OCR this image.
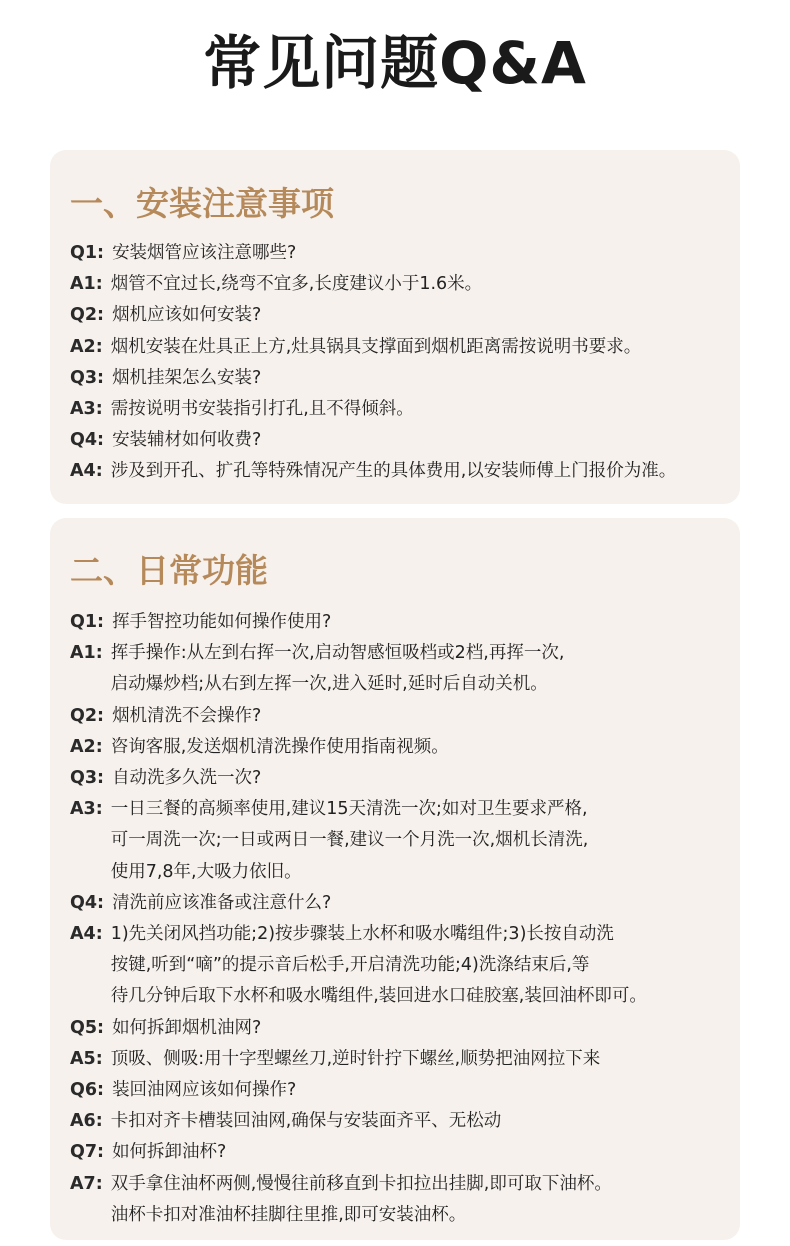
常见问题Q&A
一、安装注意事项
Q1: 安装烟管应该注意哪些?
A1: 烟管不宜过长,绕弯不宜多,长度建议小于1.6米。
Q2: 烟机应该如何安装?
A2: 烟机安装在灶具正上方,灶具锅具支撑面到烟机距离需按说明书要求。
Q3: 烟机挂架怎么安装?
A3: 需按说明书安装指引打孔,且不得倾斜。
Q4: 安装辅材如何收费?
A4: 涉及到开孔、扩孔等特殊情况产生的具体费用,以安装师傅上门报价为准。
二、日常功能
Q1: 挥手智控功能如何操作使用?
A1: 挥手操作:从左到右挥一次,启动智感恒吸档或2档,再挥一次,
启动爆炒档;从右到左挥一次,进入延时,延时后自动关机。
Q2: 烟机清洗不会操作?
A2: 咨询客服,发送烟机清洗操作使用指南视频。
Q3: 自动洗多久洗一次?
A3: 一日三餐的高频率使用,建议15天清洗一次;如对卫生要求严格,
可一周洗一次;一日或两日一餐,建议一个月洗一次,烟机长清洗,
使用7,8年,大吸力依旧。
Q4: 清洗前应该准备或注意什么?
A4: 1)先关闭风挡功能;2)按步骤装上水杯和吸水嘴组件;3)长按自动洗
按键,听到“嘀”的提示音后松手,开启清洗功能;4)洗涤结束后,等
待几分钟后取下水杯和吸水嘴组件,装回进水口硅胶塞,装回油杯即可。
Q5: 如何拆卸烟机油网?
A5: 顶吸、侧吸:用十字型螺丝刀,逆时针拧下螺丝,顺势把油网拉下来
Q6: 装回油网应该如何操作?
A6: 卡扣对齐卡槽装回油网,确保与安装面齐平、无松动
Q7: 如何拆卸油杯?
A7: 双手拿住油杯两侧,慢慢往前移直到卡扣拉出挂脚,即可取下油杯。
油杯卡扣对准油杯挂脚往里推,即可安装油杯。
